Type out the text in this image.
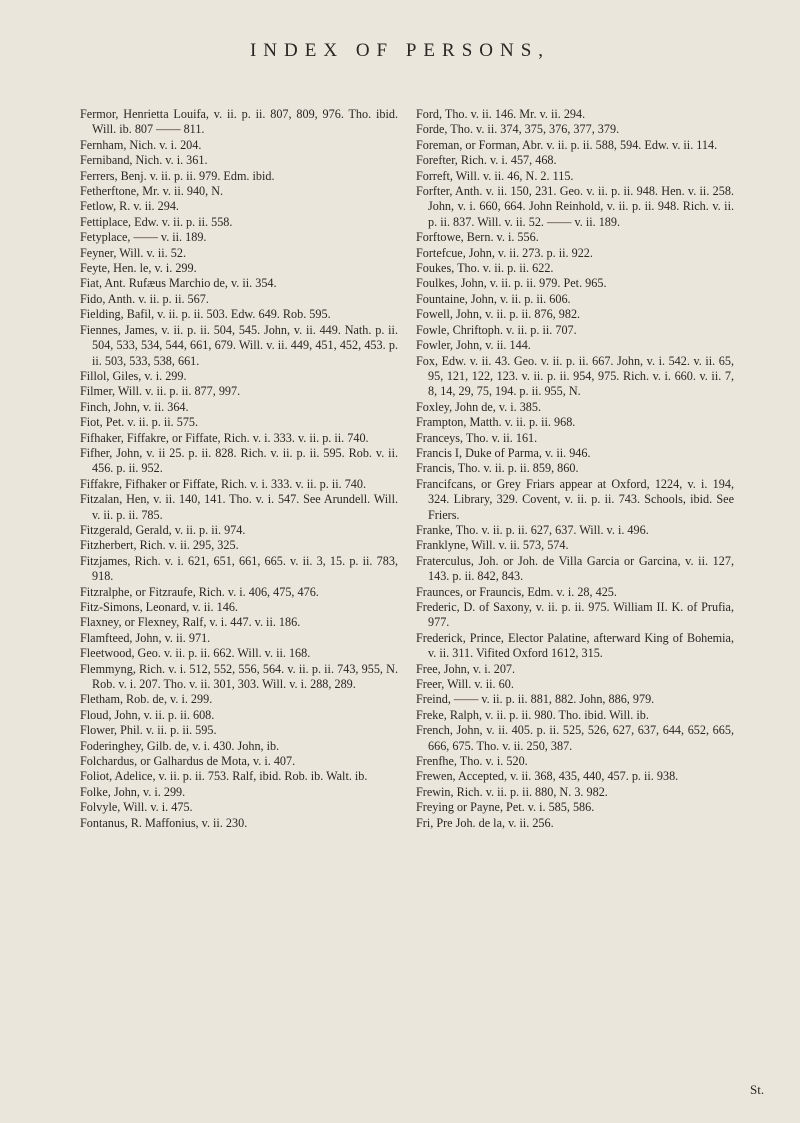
INDEX OF PERSONS,

Fermor, Henrietta Louifa, v. ii. p. ii. 807, 809, 976. Tho. ibid. Will. ib. 807 —— 811.

Fernham, Nich. v. i. 204.

Ferniband, Nich. v. i. 361.

Ferrers, Benj. v. ii. p. ii. 979. Edm. ibid.

Fetherftone, Mr. v. ii. 940, N.

Fetlow, R. v. ii. 294.

Fettiplace, Edw. v. ii. p. ii. 558.

Fetyplace, —— v. ii. 189.

Feyner, Will. v. ii. 52.

Feyte, Hen. le, v. i. 299.

Fiat, Ant. Rufæus Marchio de, v. ii. 354.

Fido, Anth. v. ii. p. ii. 567.

Fielding, Bafil, v. ii. p. ii. 503. Edw. 649. Rob. 595.

Fiennes, James, v. ii. p. ii. 504, 545. John, v. ii. 449. Nath. p. ii. 504, 533, 534, 544, 661, 679. Will. v. ii. 449, 451, 452, 453. p. ii. 503, 533, 538, 661.

Fillol, Giles, v. i. 299.

Filmer, Will. v. ii. p. ii. 877, 997.

Finch, John, v. ii. 364.

Fiot, Pet. v. ii. p. ii. 575.

Fifhaker, Fiffakre, or Fiffate, Rich. v. i. 333. v. ii. p. ii. 740.

Fifher, John, v. ii 25. p. ii. 828. Rich. v. ii. p. ii. 595. Rob. v. ii. 456. p. ii. 952.

Fiffakre, Fifhaker or Fiffate, Rich. v. i. 333. v. ii. p. ii. 740.

Fitzalan, Hen, v. ii. 140, 141. Tho. v. i. 547. See Arundell. Will. v. ii. p. ii. 785.

Fitzgerald, Gerald, v. ii. p. ii. 974.

Fitzherbert, Rich. v. ii. 295, 325.

Fitzjames, Rich. v. i. 621, 651, 661, 665. v. ii. 3, 15. p. ii. 783, 918.

Fitzralphe, or Fitzraufe, Rich. v. i. 406, 475, 476.

Fitz-Simons, Leonard, v. ii. 146.

Flaxney, or Flexney, Ralf, v. i. 447. v. ii. 186.

Flamfteed, John, v. ii. 971.

Fleetwood, Geo. v. ii. p. ii. 662. Will. v. ii. 168.

Flemmyng, Rich. v. i. 512, 552, 556, 564. v. ii. p. ii. 743, 955, N. Rob. v. i. 207. Tho. v. ii. 301, 303. Will. v. i. 288, 289.

Fletham, Rob. de, v. i. 299.

Floud, John, v. ii. p. ii. 608.

Flower, Phil. v. ii. p. ii. 595.

Foderinghey, Gilb. de, v. i. 430. John, ib.

Folchardus, or Galhardus de Mota, v. i. 407.

Foliot, Adelice, v. ii. p. ii. 753. Ralf, ibid. Rob. ib. Walt. ib.

Folke, John, v. i. 299.

Folvyle, Will. v. i. 475.

Fontanus, R. Maffonius, v. ii. 230.

Ford, Tho. v. ii. 146. Mr. v. ii. 294.

Forde, Tho. v. ii. 374, 375, 376, 377, 379.

Foreman, or Forman, Abr. v. ii. p. ii. 588, 594. Edw. v. ii. 114.

Forefter, Rich. v. i. 457, 468.

Forreft, Will. v. ii. 46, N. 2. 115.

Forfter, Anth. v. ii. 150, 231. Geo. v. ii. p. ii. 948. Hen. v. ii. 258. John, v. i. 660, 664. John Reinhold, v. ii. p. ii. 948. Rich. v. ii. p. ii. 837. Will. v. ii. 52. —— v. ii. 189.

Forftowe, Bern. v. i. 556.

Fortefcue, John, v. ii. 273. p. ii. 922.

Foukes, Tho. v. ii. p. ii. 622.

Foulkes, John, v. ii. p. ii. 979. Pet. 965.

Fountaine, John, v. ii. p. ii. 606.

Fowell, John, v. ii. p. ii. 876, 982.

Fowle, Chriftoph. v. ii. p. ii. 707.

Fowler, John, v. ii. 144.

Fox, Edw. v. ii. 43. Geo. v. ii. p. ii. 667. John, v. i. 542. v. ii. 65, 95, 121, 122, 123. v. ii. p. ii. 954, 975. Rich. v. i. 660. v. ii. 7, 8, 14, 29, 75, 194. p. ii. 955, N.

Foxley, John de, v. i. 385.

Frampton, Matth. v. ii. p. ii. 968.

Franceys, Tho. v. ii. 161.

Francis I, Duke of Parma, v. ii. 946.

Francis, Tho. v. ii. p. ii. 859, 860.

Francifcans, or Grey Friars appear at Oxford, 1224, v. i. 194, 324. Library, 329. Covent, v. ii. p. ii. 743. Schools, ibid. See Friers.

Franke, Tho. v. ii. p. ii. 627, 637. Will. v. i. 496.

Franklyne, Will. v. ii. 573, 574.

Fraterculus, Joh. or Joh. de Villa Garcia or Garcina, v. ii. 127, 143. p. ii. 842, 843.

Fraunces, or Frauncis, Edm. v. i. 28, 425.

Frederic, D. of Saxony, v. ii. p. ii. 975. William II. K. of Prufia, 977.

Frederick, Prince, Elector Palatine, afterward King of Bohemia, v. ii. 311. Vifited Oxford 1612, 315.

Free, John, v. i. 207.

Freer, Will. v. ii. 60.

Freind, —— v. ii. p. ii. 881, 882. John, 886, 979.

Freke, Ralph, v. ii. p. ii. 980. Tho. ibid. Will. ib.

French, John, v. ii. 405. p. ii. 525, 526, 627, 637, 644, 652, 665, 666, 675. Tho. v. ii. 250, 387.

Frenfhe, Tho. v. i. 520.

Frewen, Accepted, v. ii. 368, 435, 440, 457. p. ii. 938.

Frewin, Rich. v. ii. p. ii. 880, N. 3. 982.

Freying or Payne, Pet. v. i. 585, 586.

Fri, Pre Joh. de la, v. ii. 256.

St.
